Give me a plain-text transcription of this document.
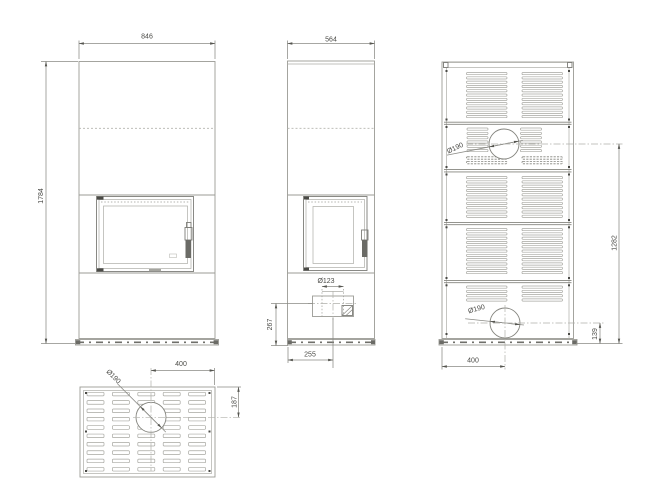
846
1784
564
Ø123
267
255
Ø190
Ø190
1282
139
400
400
187
Ø190
